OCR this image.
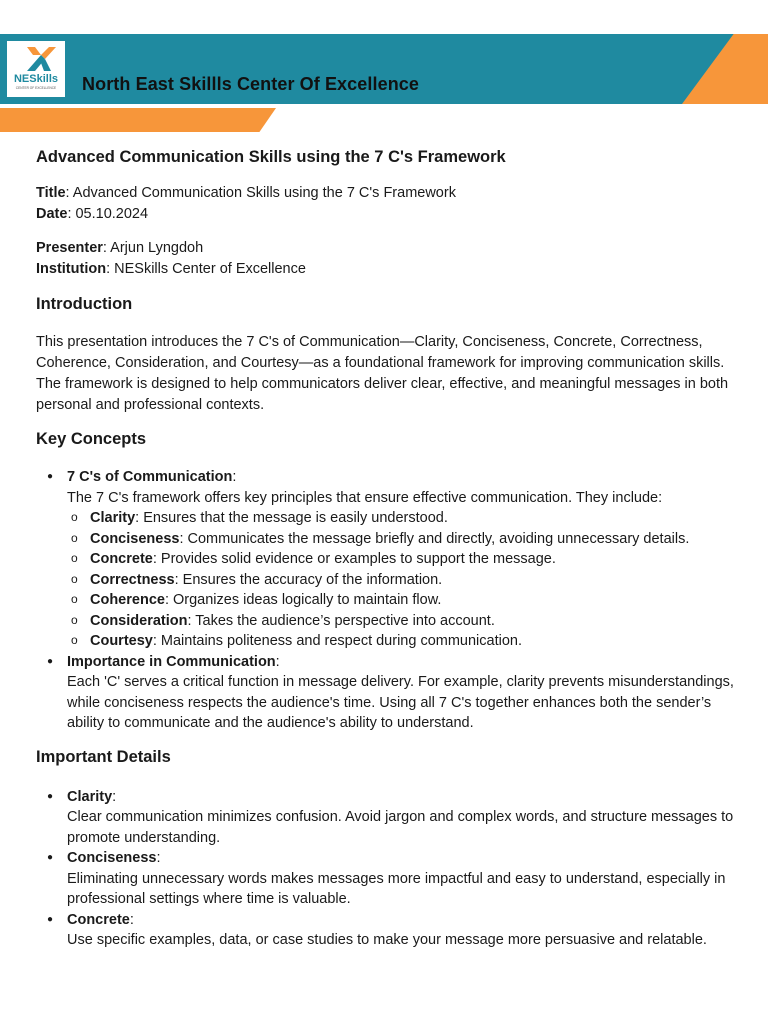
NESkills
CENTER OF EXCELLENCE North East Skillls Center Of Excellence
Advanced Communication Skills using the 7 C's Framework
Title: Advanced Communication Skills using the 7 C's Framework
Date: 05.10.2024
Presenter: Arjun Lyngdoh
Institution: NESkills Center of Excellence
Introduction

This presentation introduces the 7 C's of Communication—Clarity, Conciseness, Concrete, Correctness, Coherence, Consideration, and Courtesy—as a foundational framework for improving communication skills. The framework is designed to help communicators deliver clear, effective, and meaningful messages in both personal and professional contexts.

Key Concepts
● 7 C's of Communication:
The 7 C's framework offers key principles that ensure effective communication. They include:
o Clarity: Ensures that the message is easily understood.
o Conciseness: Communicates the message briefly and directly, avoiding unnecessary details.
o Concrete: Provides solid evidence or examples to support the message.
o Correctness: Ensures the accuracy of the information.
o Coherence: Organizes ideas logically to maintain flow.
o Consideration: Takes the audience’s perspective into account.
o Courtesy: Maintains politeness and respect during communication.
● Importance in Communication:
Each 'C' serves a critical function in message delivery. For example, clarity prevents misunderstandings, while conciseness respects the audience's time. Using all 7 C's together enhances both the sender’s ability to communicate and the audience's ability to understand.
Important Details
● Clarity:
Clear communication minimizes confusion. Avoid jargon and complex words, and structure messages to promote understanding.
● Conciseness:
Eliminating unnecessary words makes messages more impactful and easy to understand, especially in professional settings where time is valuable.
● Concrete:
Use specific examples, data, or case studies to make your message more persuasive and relatable.
